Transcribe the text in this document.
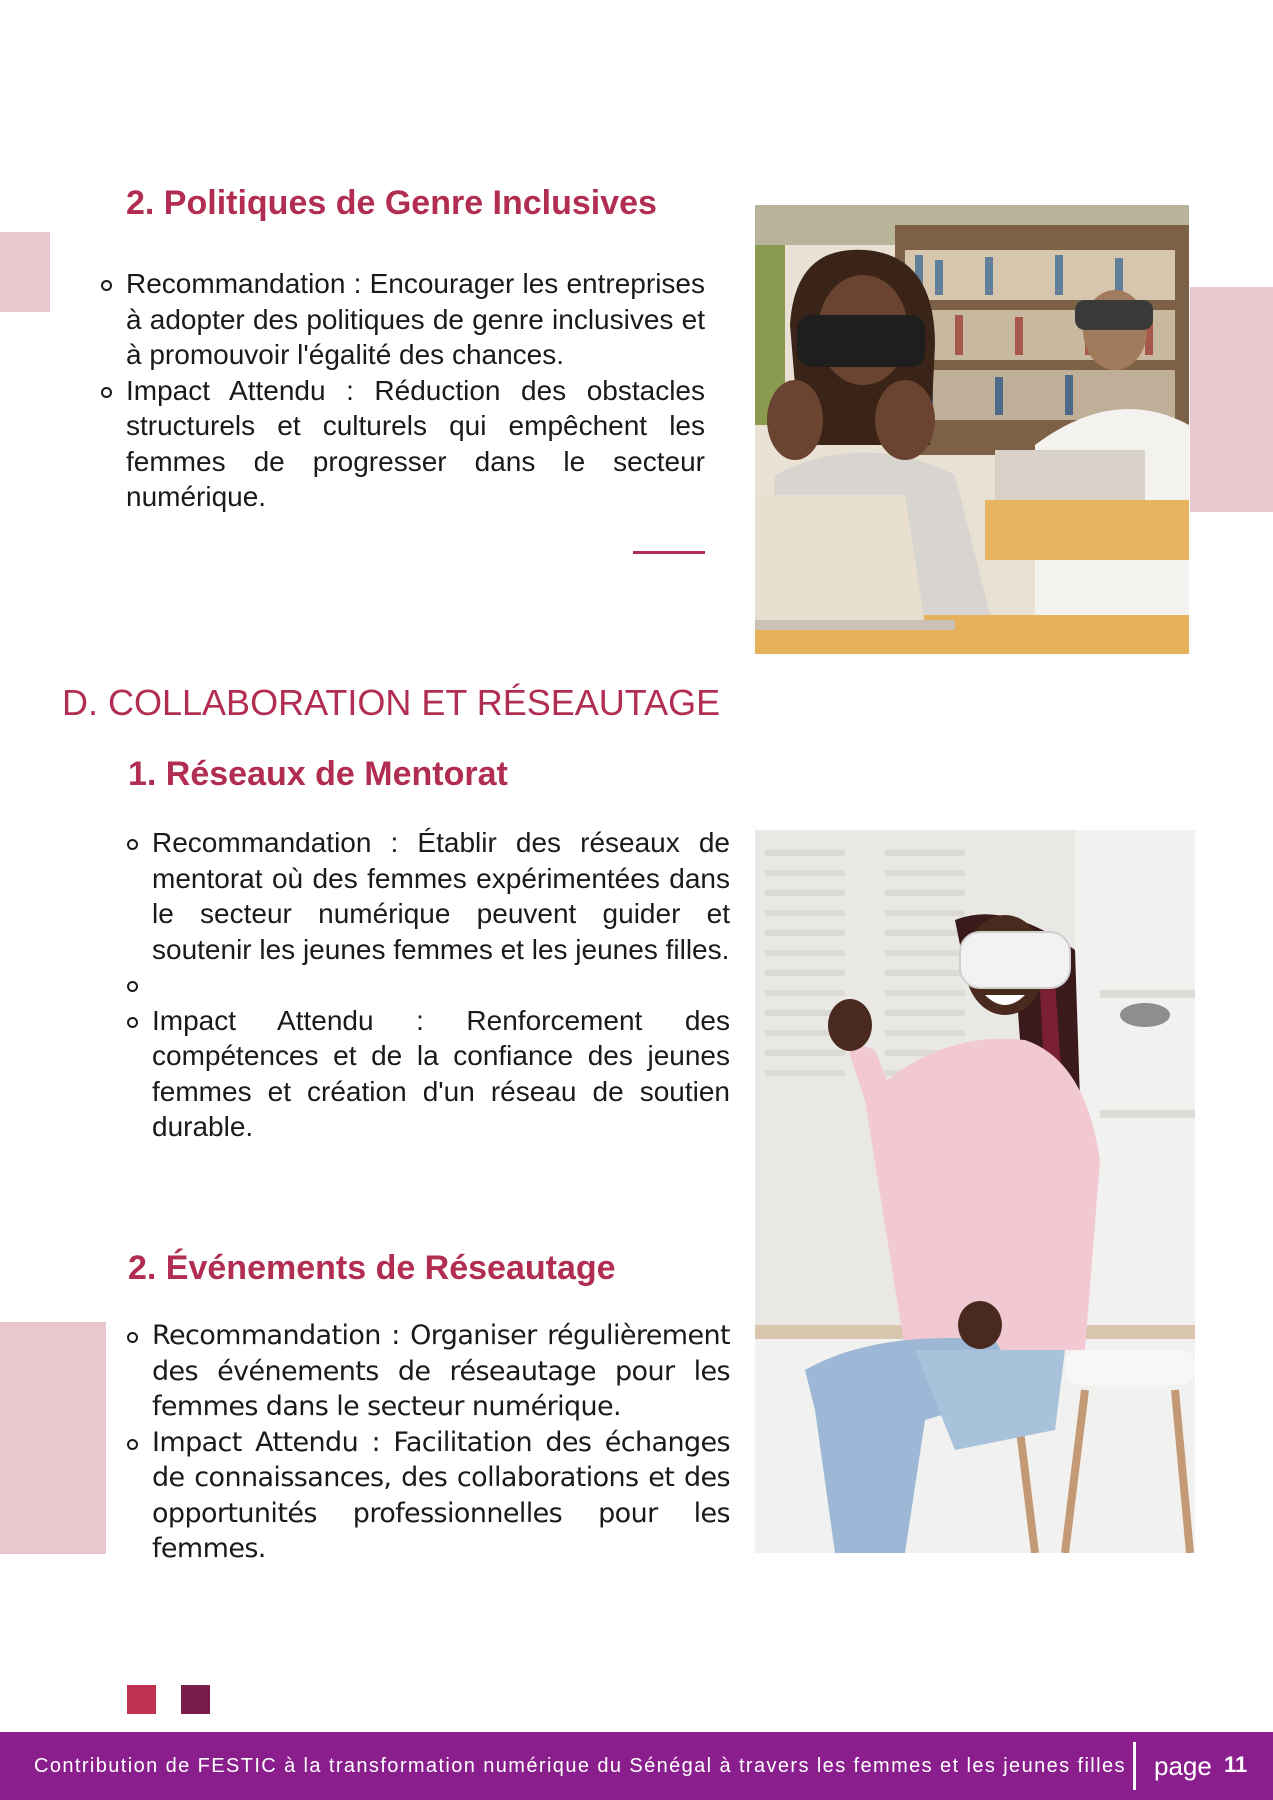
2. Politiques de Genre Inclusives
Recommandation : Encourager les entreprises à adopter des politiques de genre inclusives et à promouvoir l'égalité des chances.
Impact Attendu : Réduction des obstacles structurels et culturels qui empêchent les femmes de progresser dans le secteur numérique.
D. COLLABORATION ET RÉSEAUTAGE
1. Réseaux de Mentorat
Recommandation : Établir des réseaux de mentorat où des femmes expérimentées dans le secteur numérique peuvent guider et soutenir les jeunes femmes et les jeunes filles.
Impact Attendu : Renforcement des compétences et de la confiance des jeunes femmes et création d'un réseau de soutien durable.
2. Événements de Réseautage
Recommandation : Organiser régulièrement des événements de réseautage pour les femmes dans le secteur numérique.
Impact Attendu : Facilitation des échanges de connaissances, des collaborations et des opportunités professionnelles pour les femmes.
Contribution de FESTIC à la transformation numérique du Sénégal à travers les femmes et les jeunes filles page 11
